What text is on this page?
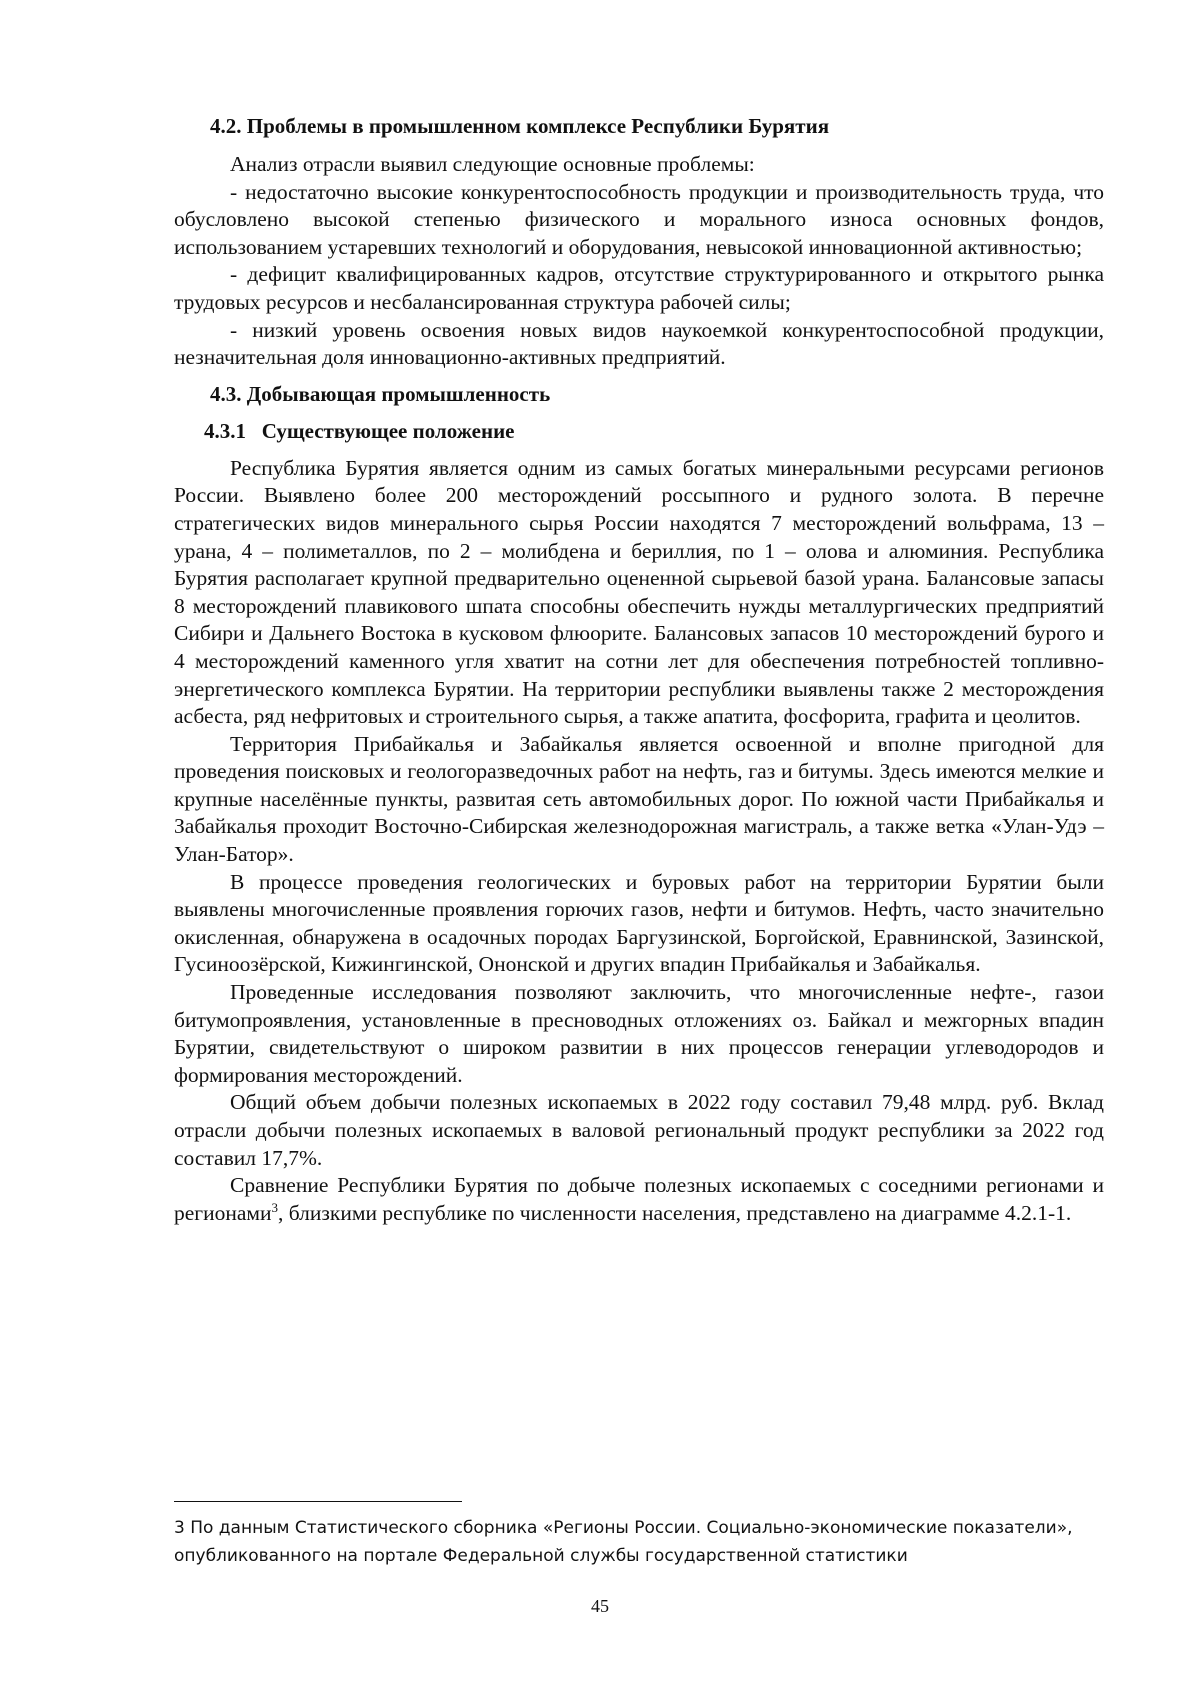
4.2. Проблемы в промышленном комплексе Республики Бурятия

Анализ отрасли выявил следующие основные проблемы:

- недостаточно высокие конкурентоспособность продукции и производительность труда, что обусловлено высокой степенью физического и морального износа основных фондов, использованием устаревших технологий и оборудования, невысокой инновационной активностью;

- дефицит квалифицированных кадров, отсутствие структурированного и открытого рынка трудовых ресурсов и несбалансированная структура рабочей силы;

- низкий уровень освоения новых видов наукоемкой конкурентоспособной продукции, незначительная доля инновационно-активных предприятий.

4.3. Добывающая промышленность
4.3.1   Существующее положение

Республика Бурятия является одним из самых богатых минеральными ресурсами регионов России. Выявлено более 200 месторождений россыпного и рудного золота. В перечне стратегических видов минерального сырья России находятся 7 месторождений вольфрама, 13 – урана, 4 – полиметаллов, по 2 – молибдена и бериллия, по 1 – олова и алюминия. Республика Бурятия располагает крупной предварительно оцененной сырьевой базой урана. Балансовые запасы 8 месторождений плавикового шпата способны обеспечить нужды металлургических предприятий Сибири и Дальнего Востока в кусковом флюорите. Балансовых запасов 10 месторождений бурого и 4 месторождений каменного угля хватит на сотни лет для обеспечения потребностей топливно-энергетического комплекса Бурятии. На территории республики выявлены также 2 месторождения асбеста, ряд нефритовых и строительного сырья, а также апатита, фосфорита, графита и цеолитов.

Территория Прибайкалья и Забайкалья является освоенной и вполне пригодной для проведения поисковых и геологоразведочных работ на нефть, газ и битумы. Здесь имеются мелкие и крупные населённые пункты, развитая сеть автомобильных дорог. По южной части Прибайкалья и Забайкалья проходит Восточно-Сибирская железнодорожная магистраль, а также ветка «Улан-Удэ – Улан-Батор».

В процессе проведения геологических и буровых работ на территории Бурятии были выявлены многочисленные проявления горючих газов, нефти и битумов. Нефть, часто значительно окисленная, обнаружена в осадочных породах Баргузинской, Боргойской, Еравнинской, Зазинской, Гусиноозёрской, Кижингинской, Ононской и других впадин Прибайкалья и Забайкалья.

Проведенные исследования позволяют заключить, что многочисленные нефте-, газои битумопроявления, установленные в пресноводных отложениях оз. Байкал и межгорных впадин Бурятии, свидетельствуют о широком развитии в них процессов генерации углеводородов и формирования месторождений.

Общий объем добычи полезных ископаемых в 2022 году составил 79,48 млрд. руб. Вклад отрасли добычи полезных ископаемых в валовой региональный продукт республики за 2022 год составил 17,7%.

Сравнение Республики Бурятия по добыче полезных ископаемых с соседними регионами и регионами$^3$, близкими республике по численности населения, представлено на диаграмме 4.2.1-1.

3 По данным Статистического сборника «Регионы России. Социально-экономические показатели», опубликованного на портале Федеральной службы государственной статистики
45
